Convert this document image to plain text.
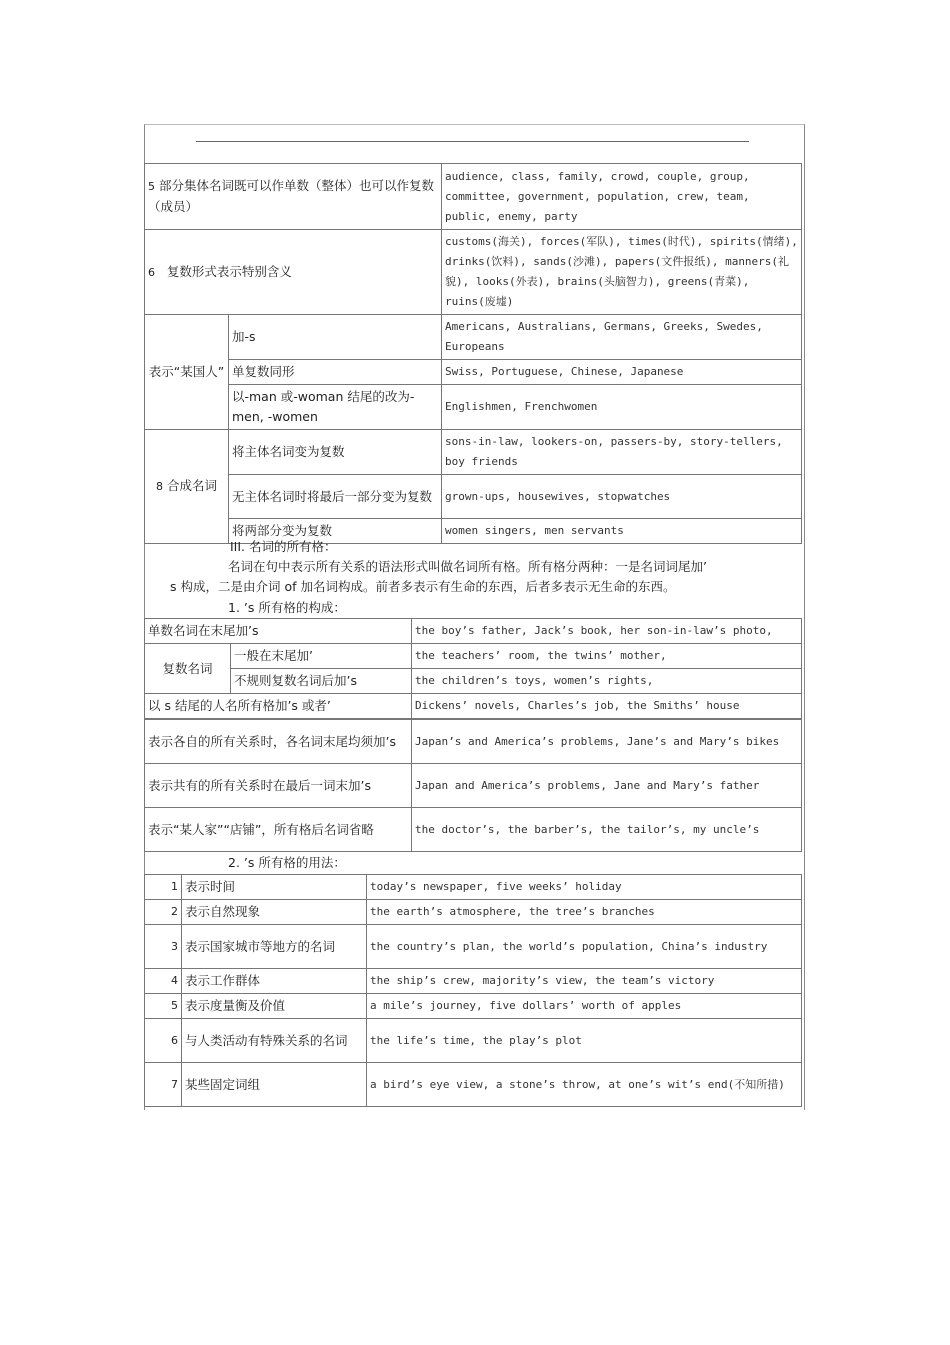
5 部分集体名词既可以作单数（整体）也可以作复数（成员）		audience, class, family, crowd, couple, group, committee, government, population, crew, team, public, enemy, party
6 复数形式表示特别含义		customs(海关), forces(军队), times(时代), spirits(情绪), drinks(饮料), sands(沙滩), papers(文件报纸), manners(礼貌), looks(外表), brains(头脑智力), greens(青菜), ruins(废墟)
表示“某国人”	加-s	Americans, Australians, Germans, Greeks, Swedes, Europeans
	单复数同形	Swiss, Portuguese, Chinese, Japanese
	以-man 或-woman 结尾的改为-men, -women	Englishmen, Frenchwomen
8 合成名词	将主体名词变为复数	sons-in-law, lookers-on, passers-by, story-tellers, boy friends
	无主体名词时将最后一部分变为复数	grown-ups, housewives, stopwatches
	将两部分变为复数	women singers, men servants
III. 名词的所有格：
名词在句中表示所有关系的语法形式叫做名词所有格。所有格分两种：一是名词词尾加’
s 构成，二是由介词 of 加名词构成。前者多表示有生命的东西，后者多表示无生命的东西。
1. ’s 所有格的构成：
单数名词在末尾加’s		the boy’s father, Jack’s book, her son-in-law’s photo,
复数名词	一般在末尾加’	the teachers’ room, the twins’ mother,
	不规则复数名词后加’s	the children’s toys, women’s rights,
以 s 结尾的人名所有格加’s 或者’		Dickens’ novels, Charles’s job, the Smiths’ house
表示各自的所有关系时，各名词末尾均须加’s	Japan’s and America’s problems, Jane’s and Mary’s bikes
表示共有的所有关系时在最后一词末加’s	Japan and America’s problems, Jane and Mary’s father
表示“某人家”“店铺”，所有格后名词省略	the doctor’s, the barber’s, the tailor’s, my uncle’s
2. ’s 所有格的用法：
1	表示时间	today’s newspaper, five weeks’ holiday
2	表示自然现象	the earth’s atmosphere, the tree’s branches
3	表示国家城市等地方的名词	the country’s plan, the world’s population, China’s industry
4	表示工作群体	the ship’s crew, majority’s view, the team’s victory
5	表示度量衡及价值	a mile’s journey, five dollars’ worth of apples
6	与人类活动有特殊关系的名词	the life’s time, the play’s plot
7	某些固定词组	a bird’s eye view, a stone’s throw, at one’s wit’s end(不知所措)
